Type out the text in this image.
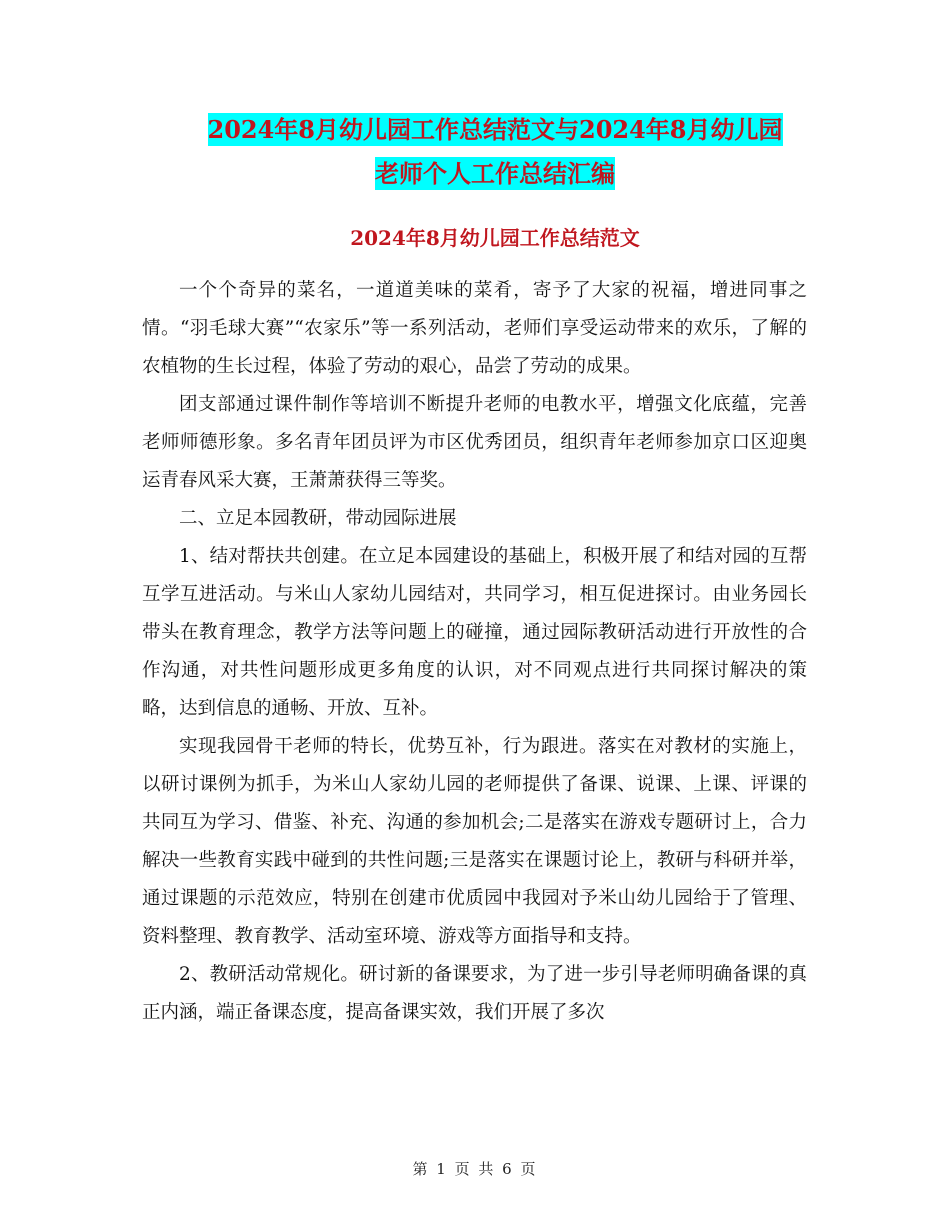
2024年8月幼儿园工作总结范文与2024年8月幼儿园
老师个人工作总结汇编
2024年8月幼儿园工作总结范文

一个个奇异的菜名，一道道美味的菜肴，寄予了大家的祝福，增进同事之情。“羽毛球大赛”“农家乐”等一系列活动，老师们享受运动带来的欢乐，了解的农植物的生长过程，体验了劳动的艰心，品尝了劳动的成果。

团支部通过课件制作等培训不断提升老师的电教水平，增强文化底蕴，完善老师师德形象。多名青年团员评为市区优秀团员，组织青年老师参加京口区迎奥运青春风采大赛，王萧萧获得三等奖。

二、立足本园教研，带动园际进展

1、结对帮扶共创建。在立足本园建设的基础上，积极开展了和结对园的互帮互学互进活动。与米山人家幼儿园结对，共同学习，相互促进探讨。由业务园长带头在教育理念，教学方法等问题上的碰撞，通过园际教研活动进行开放性的合作沟通，对共性问题形成更多角度的认识，对不同观点进行共同探讨解决的策略，达到信息的通畅、开放、互补。

实现我园骨干老师的特长，优势互补，行为跟进。落实在对教材的实施上，以研讨课例为抓手，为米山人家幼儿园的老师提供了备课、说课、上课、评课的共同互为学习、借鉴、补充、沟通的参加机会;二是落实在游戏专题研讨上，合力解决一些教育实践中碰到的共性问题;三是落实在课题讨论上，教研与科研并举，通过课题的示范效应，特别在创建市优质园中我园对予米山幼儿园给于了管理、资料整理、教育教学、活动室环境、游戏等方面指导和支持。

2、教研活动常规化。研讨新的备课要求，为了进一步引导老师明确备课的真正内涵，端正备课态度，提高备课实效，我们开展了多次

第 1 页 共 6 页
